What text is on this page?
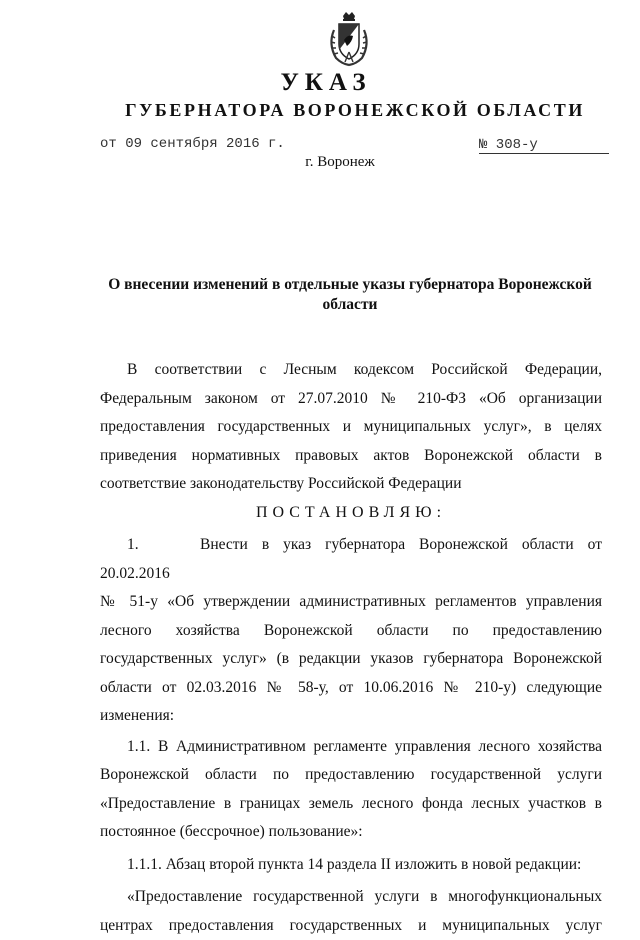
УКАЗ
ГУБЕРНАТОРА ВОРОНЕЖСКОЙ ОБЛАСТИ
от 09 сентября 2016 г.	№ 308-у
г. Воронеж
О внесении изменений в отдельные указы губернатора Воронежской
области

В соответствии с Лесным кодексом Российской Федерации,

Федеральным законом от 27.07.2010 № 210-ФЗ «Об организации

предоставления государственных и муниципальных услуг», в целях

приведения нормативных правовых актов Воронежской области в

соответствие законодательству Российской Федерации

ПОСТАНОВЛЯЮ:

1.	Внести в указ губернатора Воронежской области от 20.02.2016

№ 51-у «Об утверждении административных регламентов управления

лесного хозяйства Воронежской области по предоставлению

государственных услуг» (в редакции указов губернатора Воронежской

области от 02.03.2016 № 58-у, от 10.06.2016 № 210-у) следующие изменения:

1.1. В Административном регламенте управления лесного хозяйства

Воронежской области по предоставлению государственной услуги

«Предоставление в границах земель лесного фонда лесных участков в

постоянное (бессрочное) пользование»:

1.1.1. Абзац второй пункта 14 раздела II изложить в новой редакции:

«Предоставление государственной услуги в многофункциональных

центрах предоставления государственных и муниципальных услуг
